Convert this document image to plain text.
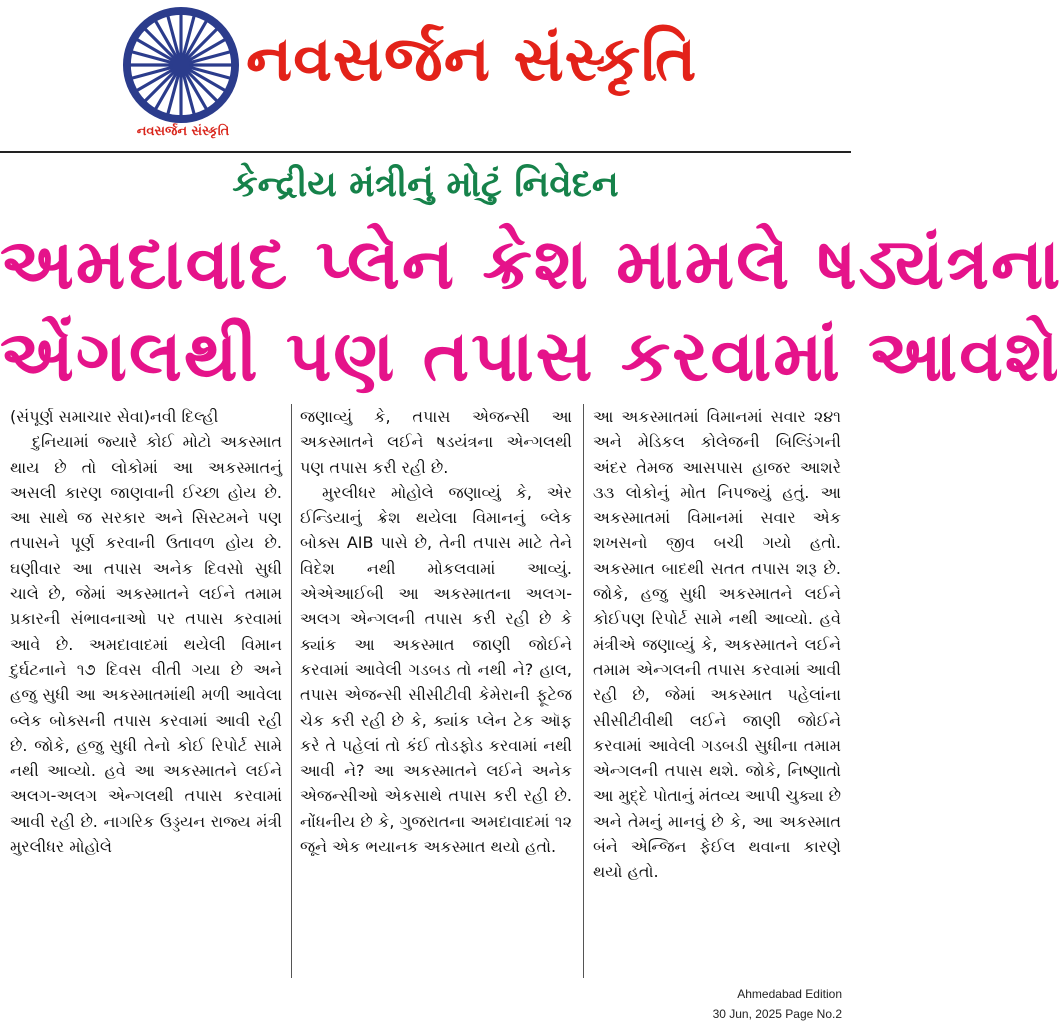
નવસર્જન સંસ્કૃતિ
નવસર્જન સંસ્કૃતિ
કેન્દ્રીય મંત્રીનું મોટું નિવેદન
અમદાવાદ પ્લેન ક્રેશ મામલે ષડ્યંત્રના
એંગલથી પણ તપાસ કરવામાં આવશે

(સંપૂર્ણ સમાચાર સેવા)નવી દિલ્હી

દુનિયામાં જ્યારે કોઈ મોટો અકસ્માત થાય છે તો લોકોમાં આ અકસ્માતનું અસલી કારણ જાણવાની ઈચ્છા હોય છે. આ સાથે જ સરકાર અને સિસ્ટમને પણ તપાસને પૂર્ણ કરવાની ઉતાવળ હોય છે. ઘણીવાર આ તપાસ અનેક દિવસો સુધી ચાલે છે, જેમાં અકસ્માતને લઈને તમામ પ્રકારની સંભાવનાઓ પર તપાસ કરવામાં આવે છે. અમદાવાદમાં થયેલી વિમાન દુર્ઘટનાને ૧૭ દિવસ વીતી ગયા છે અને હજુ સુધી આ અકસ્માતમાંથી મળી આવેલા બ્લેક બોક્સની તપાસ કરવામાં આવી રહી છે. જોકે, હજુ સુધી તેનો કોઈ રિપોર્ટ સામે નથી આવ્યો. હવે આ અકસ્માતને લઈને અલગ-અલગ એન્ગલથી તપાસ કરવામાં આવી રહી છે. નાગરિક ઉડ્ડયન રાજ્ય મંત્રી મુરલીધર મોહોલે

જણાવ્યું કે, તપાસ એજન્સી આ અકસ્માતને લઈને ષડયંત્રના એન્ગલથી પણ તપાસ કરી રહી છે.

મુરલીધર મોહોલે જણાવ્યું કે, એર ઈન્ડિયાનું ક્રેશ થયેલા વિમાનનું બ્લેક બોક્સ AIB પાસે છે, તેની તપાસ માટે તેને વિદેશ નથી મોકલવામાં આવ્યું. એએઆઈબી આ અકસ્માતના અલગ-અલગ એન્ગલની તપાસ કરી રહી છે કે ક્યાંક આ અકસ્માત જાણી જોઈને કરવામાં આવેલી ગડબડ તો નથી ને? હાલ, તપાસ એજન્સી સીસીટીવી કેમેરાની ફૂટેજ ચેક કરી રહી છે કે, ક્યાંક પ્લેન ટેક ઑફ કરે તે પહેલાં તો કંઈ તોડફોડ કરવામાં નથી આવી ને? આ અકસ્માતને લઈને અનેક એજન્સીઓ એકસાથે તપાસ કરી રહી છે. નોંધનીય છે કે, ગુજરાતના અમદાવાદમાં ૧૨ જૂને એક ભયાનક અકસ્માત થયો હતો.

આ અકસ્માતમાં વિમાનમાં સવાર ૨૪૧ અને મેડિકલ કોલેજની બિલ્ડિંગની અંદર તેમજ આસપાસ હાજર આશરે ૩૩ લોકોનું મોત નિપજ્યું હતું. આ અકસ્માતમાં વિમાનમાં સવાર એક શખસનો જીવ બચી ગયો હતો. અકસ્માત બાદથી સતત તપાસ શરૂ છે. જોકે, હજુ સુધી અકસ્માતને લઈને કોઈપણ રિપોર્ટ સામે નથી આવ્યો. હવે મંત્રીએ જણાવ્યું કે, અકસ્માતને લઈને તમામ એન્ગલની તપાસ કરવામાં આવી રહી છે, જેમાં અકસ્માત પહેલાંના સીસીટીવીથી લઈને જાણી જોઈને કરવામાં આવેલી ગડબડી સુધીના તમામ એન્ગલની તપાસ થશે. જોકે, નિષ્ણાતો આ મુદ્દે પોતાનું મંતવ્ય આપી ચુક્યા છે અને તેમનું માનવું છે કે, આ અકસ્માત બંને એન્જિન ફેઈલ થવાના કારણે થયો હતો.

Ahmedabad Edition
30 Jun, 2025 Page No.2
